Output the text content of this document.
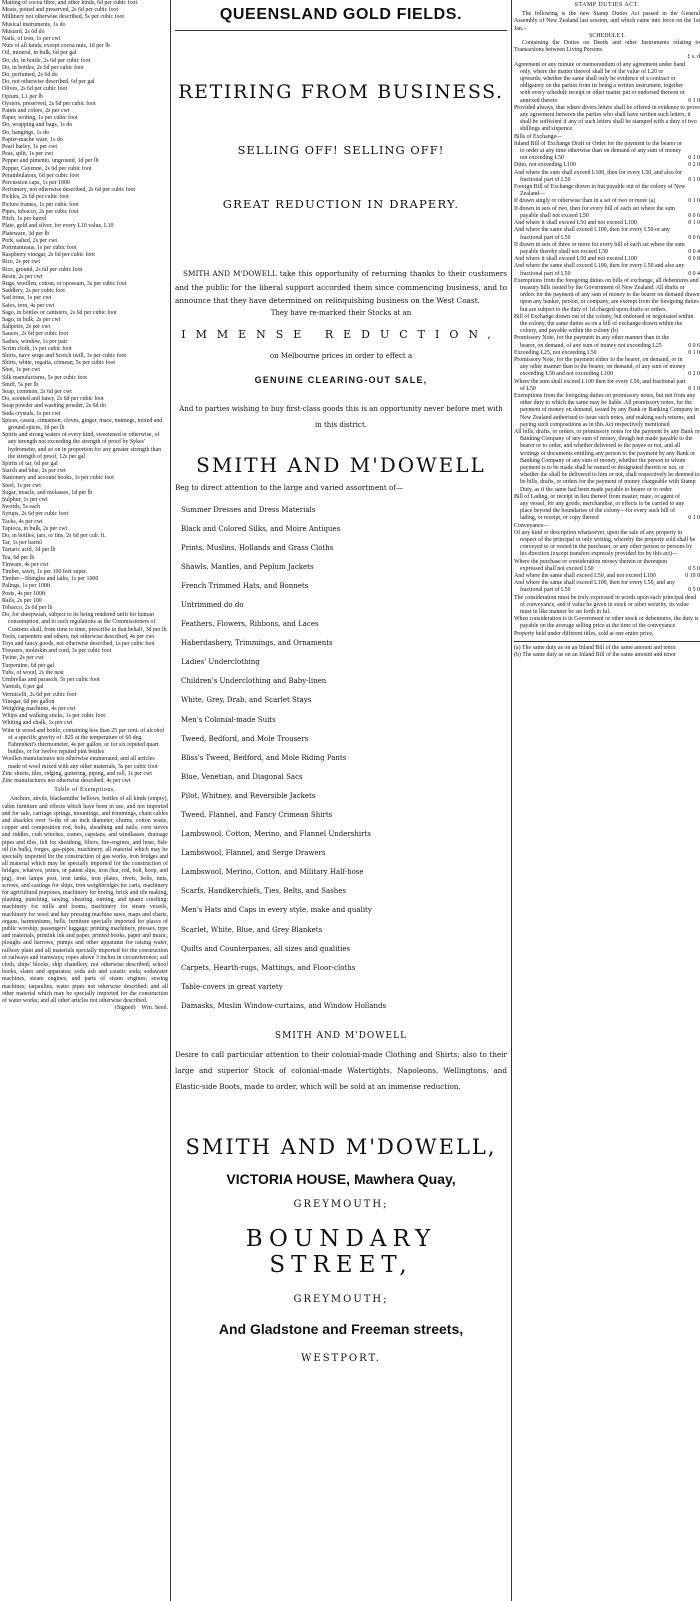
Matting of cocoa fibre, and other kinds, 6d per cubic foot

Meats, potted and preserved, 2s 6d per cubic foot

Millinery not otherwise described, 5s per cubic foot

Musical instruments, 1s do

Mustard, 2s 6d do

Nails, of iron, 1s per cwt

Nuts of all kinds, except cocoa nuts, 1d per lb

Oil, mineral, in bulk, 6d per gal

Do, do, in bottle, 2s 6d per cubic foot

Do, in bottles, 2s 6d per cubic foot

Do, perfumed, 2s 6d do

Do, not otherwise described, 6d per gal

Olives, 2s 6d per cubic foot

Opium, L1 per lb

Oysters, preserved, 2s 6d per cubic foot

Paints and colors, 2s per cwt

Paper, writing, 1s per cubic foot

Do, wrapping and bags, 1s do

Do, hangings, 1s do

Papier-mache ware, 1s do

Pearl barley, 1s per cwt

Peas, split, 1s per cwt

Pepper and pimento, unground, 1d per lb

Pepper, Cayenne, 2s 6d per cubic foot

Perambulators, 6d per cubic foot

Percussion caps, 1s per 1000

Perfumery, not otherwise described, 2s 6d per cubic foot

Pickles, 2s 6d per cubic foot

Picture frames, 1s per cubic foot

Pipes, tobacco, 2s per cubic foot

Pitch, 1s per barrel

Plate, gold and silver, for every L10 value, L10

Plateware, 3d per lb

Pork, salted, 2s per cwt

Portmanteaus, 1s per cubic foot

Raspberry vinegar, 2s 6d per cubic foot

Rice, 2s per cwt

Rice, ground, 2s 6d per cubic foot

Resin, 2s per cwt

Rugs, woollen, cotton, or opossum, 3s per cubic foot

Saddlery, 2s per cubic foot

Sad irons, 1s per cwt

Safes, iron, 4s per cwt

Sago, in bottles or canisters, 2s 6d per cubic foot

Sago, in bulk, 2s per cwt

Saltpetre, 2s per cwt

Sauces, 2s 6d per cubic foot

Sashes, window, 1s per pair

Scrim cloth, 1s per cubic foot

Shirts, navy serge and Scotch twill, 3s per cubic foot

Shirts, white, regatta, crimean, 5s per cubic foot

Shot, 1s per cwt

Silk manufactures, 5s per cubic foot

Snuff, 5s per lb

Soap, common, 2s 6d per cwt

Do, scented and fancy, 2s 6d per cubic foot

Soap powder and washing powder, 2s 6d do

Soda crystals, 1s per cwt

Spices, cassia, cinnamon, cloves, ginger, mace, nutmegs, mixed and ground spices, 3d per lb

Spirits and strong waters of every kind, sweetened or otherwise, of any strength not exceeding the strength of proof by Sykes' hydrometer, and so on in proportion for any greater strength than the strength of proof, 12s per gal

Spirits of tar, 6d per gal

Starch and blue, 2s per cwt

Stationery and account books, 1s per cubic foot

Steel, 1s per cwt

Sugar, treacle, and molasses, 1d per lb

Sulphur, 1s per cwt

Swords, 5s each

Syrups, 2s 6d per cubic foot

Tacks, 4s per cwt

Tapioca, in bulk, 2s per cwt

Do, in bottles, jars, or tins, 2s 6d per cub. ft.

Tar, 1s per barrel

Tartaric acid, 1d per lb

Tea, 6d per lb

Tinware, 4s per cwt

Timber, sawn, 1s per 100 feet super.

Timber—Shingles and laths, 1s per 1000

Palings, 1s per 100ft

Posts, 4s per 100ft

Rails, 2s per 100

Tobacco, 2s 6d per lb

Do, for sheepwash, subject to its being rendered unfit for human consumption, and to such regulations as the Commissioners of Customs shall, from time to time, prescribe in that behalf, 3d per lb

Tools, carpenters and others, not otherwise described, 4s per cwt

Toys and fancy goods, not otherwise described, 1s per cubic foot

Trousers, moleskin and cord, 3s per cubic foot

Twine, 2s per cwt

Turpentine, 6d per gal

Tubs, of wood, 2s the nest

Umbrellas and parasols, 5s per cubic foot

Varnish, 6 per gal

Vermicelli, 2s 6d per cubic foot

Vinegar, 6d per gallon

Weighing machines, 4s per cwt

Whips and walking sticks, 1s per cubic foot

Whiting and chalk, 1s per cwt

Wine in wood and bottle, containing less than 25 per cent. of alcohol of a specific gravity of ·825 at the temperature of 60 deg. Fahrenheit's thermometer, 4s per gallon, or for six reputed quart bottles, or for twelve reputed pint bottles

Woollen manufactures not otherwise enumerated, and all articles made of wool mixed with any other materials, 5s per cubic foot

Zinc sheets, tiles, ridging, guttering, piping, and roll, 1s per cwt

Zinc manufactures not otherwise described, 4s per cwt

Table of Exemptions.
Anchors, anvils, blacksmiths' bellows, bottles of all kinds (empty), cabin furniture and effects which have been in use, and not imported and for sale, carriage springs, mountings, and trimmings, chain cables and shackles over ⅜-ths of an inch diameter, churns, cotton waste, copper and composition rod, bolts, sheathing and nails, corn sieves and riddles, crab winches, cranes, capstans, and windlasses, drainage pipes and tiles, felt for sheathing, filters, fire-engines, and hose, fish-oil (in bulk), forges, gas-pipes, machinery, all material which may be specially imported for the construction of gas works, iron bridges and all material which may be specially imported for the construction of bridges, wharves, jetties, or patent slips, iron (bar, rod, bolt, hoop, and pig), iron lamps post, iron tanks, iron plates, rivets, bolts, nuts, screws, and castings for ships, iron weighbridges for carts, machinery for agricultural purposes, machinery for boring, brick and tile making, plaining, punching, sawing, shearing, turning, and quartz crushing; machinery for mills and looms, machinery for steam vessels, machinery for wool and hay pressing machine saws, maps and charts, organs, harmoniums, bells, furniture specially imported for places of public worship; passengers' luggage; printing machinery, presses, type and materials, printink ink and paper, printed books, paper and music, ploughs and harrows, pumps and other apparatus for raising water, railway plant and all materials specially imported for the construction of railways and tramways; ropes above 3 inches in circumference; sail cloth, ships' blocks, ship chandlery, not otherwise described; school books, slates and apparatus; soda ash and caustic soda; sodawater machines, steam engines, and parts of steam engines; sewing machines; tarpaulins, water pipes not otherwise described; and all other material which may be specially imported for the construction of water works; and all other articles not otherwise described.
(Signed) Wm. Seed.
QUEENSLAND GOLD FIELDS.
RETIRING FROM BUSINESS.
SELLING OFF! SELLING OFF!
GREAT REDUCTION IN DRAPERY.
SMITH AND M'DOWELL take this opportunity of returning thanks to their customers and the public for the liberal support accorded them since commencing business, and to announce that they have determined on relinquishing business on the West Coast.
They have re-marked their Stocks at an
IMMENSE REDUCTION,
on Melbourne prices in order to effect a
GENUINE CLEARING-OUT SALE,
And to parties wishing to buy first-class goods this is an opportunity never before met with in this district.
SMITH AND M'DOWELL
Beg to direct attention to the large and varied assortment of—
Summer Dresses and Dress Materials
Black and Colored Silks, and Moire Antiques
Prints, Muslins, Hollands and Grass Cloths
Shawls, Mantles, and Peplum Jackets
French Trimmed Hats, and Bonnets
Untrimmed do do
Feathers, Flowers, Ribbons, and Laces
Haberdashery, Trimmings, and Ornaments
Ladies' Underclothing
Children's Underclothing and Baby-linen
White, Grey, Drab, and Scarlet Stays
Men's Colonial-made Suits
Tweed, Bedford, and Mole Trousers
Bliss's Tweed, Bedford, and Mole Riding Pants
Blue, Venetian, and Diagonal Sacs
Pilot, Whitney, and Reversible Jackets
Tweed, Flannel, and Fancy Crimean Shirts
Lambswool, Cotton, Merino, and Flannel Undershirts
Lambswool, Flannel, and Serge Drawers
Lambswool, Merino, Cotton, and Military Half-hose
Scarfs, Handkerchiefs, Ties, Belts, and Sashes
Men's Hats and Caps in every style, make and quality
Scarlet, White, Blue, and Grey Blankets
Quilts and Counterpanes, all sizes and qualities
Carpets, Hearth-rugs, Mattings, and Floor-cloths
Table-covers in great variety
Damasks, Muslin Window-curtains, and Window Hollands
SMITH AND M'DOWELL
Desire to call particular attention to their colonial-made Clothing and Shirts; also to their large and superior Stock of colonial-made Watertights, Napoleons, Wellingtons, and Elastic-side Boots, made to order, which will be sold at an immense reduction.
SMITH AND M'DOWELL,
VICTORIA HOUSE, Mawhera Quay,
GREYMOUTH;
BOUNDARY STREET,
GREYMOUTH;
And Gladstone and Freeman streets,
WESTPORT.
STAMP DUTIES ACT.
The following is the new Stamp Duties Act passed in the General Assembly of New Zealand last session, and which came into force on the 1st Jan.:-
SCHEDULE I.
Containing the Duties on Deeds and other Instruments relating to Transactions between Living Persons.
£ s. d

Agreement or any minute or memorandum of any agreement under hand only, where the matter thereof shall be of the value of L20 or upwards; whether the same shall only be evidence of a contract or obligatory on the parties from its being a written instrument, together with every schedule receipt or other matter put or endorsed thereon or annexed thereto	0 1 0

Provided always, that where divers letters shall be offered in evidence to prove any agreement between the parties who shall have written such letters, it shall be sufficient if any of such letters shall be stamped with a duty of two shillings and sixpence.

Bills of Exchange—

Inland Bill of Exchange Draft or Order for the payment to the bearer or to order at any time otherwise than on demand of any sum of money not exceeding L50	0 1 0

Ditto, not exceeding L100	0 2 0

And where the sum shall exceed L100, then for every L50, and also for fractional part of L50	0 1 0

Foreign Bill of Exchange drawn in but payable out of the colony of New Zealand—

If drawn singly or otherwise than in a set of two or more (a)	0 1 0

If drawn in sets of two, then for every bill of each set where the sum payable shall not exceed L50	0 0 6

And where it shall exceed L50 and not exceed L100	0 1 0

And where the same shall exceed L100, then for every L50 or any fractional part of L50	0 0 6

If drawn in sets of three or more for every bill of each set where the sum payable thereby shall not exceed L50	0 0 4

And where it shall exceed L50 and not exceed L100	0 0 8

And where the same shall exceed L100, then for every L50 and also any fractional part of L50	0 0 4

Exemptions from the foregoing duties on bills of exchange, all debentures and treasury bills issued by the Government of New Zealand. All drafts or orders for the payment of any sum of money to the bearer on demand drawn upon any banker, person, or company, are exempt from the foregoing duties but are subject to the duty of 1d charged upon drafts or orders.

Bill of Exchange drawn out of the colony, but endorsed or negotiated within the colony, the same duties as on a bill of exchange drawn within the colony, and payable within the colony (b)

Promissory Note, for the payment in any other manner than to the bearer, on demand, of any sum of money not exceeding L25	0 0 6

Exceeding L25, not exceeding L50	0 1 0

Promissory Note, for the payment either to the bearer, on demand, or in any other manner than to the bearer, on demand, of any sum of money exceeding L50 and not exceeding L100	0 2 0

Where the sum shall exceed L100 then for every L50, and fractional part of L50	0 1 0

Exemptions from the foregoing duties on promissory notes, but not from any other duty to which the same may be liable. All promissory notes, for the payment of money on demand, issued by any Bank or Banking Company in New Zealand authorised to issue such notes, and making such returns, and paying such compositions as in this Act respectively mentioned.

All bills, drafts, or orders, or promissory notes for the payment by any Bank or Banking Company of any sum of money, though not made payable to the bearer or to order, and whether delivered to the payee or not, and all writings or documents entitling any person to the payment by any Bank or Banking Company of any sum of money, whether the person to whom payment is to be made shall be named or designated therein or not, or whether the shall be delivered to him or not, shall respectively be deemed to be bills, drafts, or orders for the payment of money chargeable with Stamp Duty, as if the same had been made payable to bearer or to order.

Bill of Lading, or receipt in lieu thereof from master, mate, or agent of any vessel, for any goods, merchandise, or effects to be carried to any place beyond the boundaries of the colony—for every such bill of lading, or receipt, or copy thereof	0 1 0

Conveyance—

Of any kind or description whatsoever, upon the sale of any property in respect of the principal or only writing, whereby the property sold shall be conveyed to or vested in the purchaser, or any other person or persons by his direction (except transfers expressly provided for by this act)—

Where the purchase or consideration money therein or thereupon expressed shall not exceed L50	0 5 0

And where the same shall exceed L50, and not exceed L100	0 10 0

And where the same shall exceed L100, then for every L50, and any fractional part of L50	0 5 0

The consideration must be truly expressed in words upon each principal deed of conveyance, and if value be given in stock or other security, its value must in like manner be set forth in ful.

When consideration is in Government or other stock or debentures, the duty is payable on the average selling price at the time of the conveyance.

Property held under different titles, sold at one entire price,

(a) The same duty as on an Inland Bill of the same amount and tenor.

(b) The same duty as on an Inland Bill of the same amount and tenor
